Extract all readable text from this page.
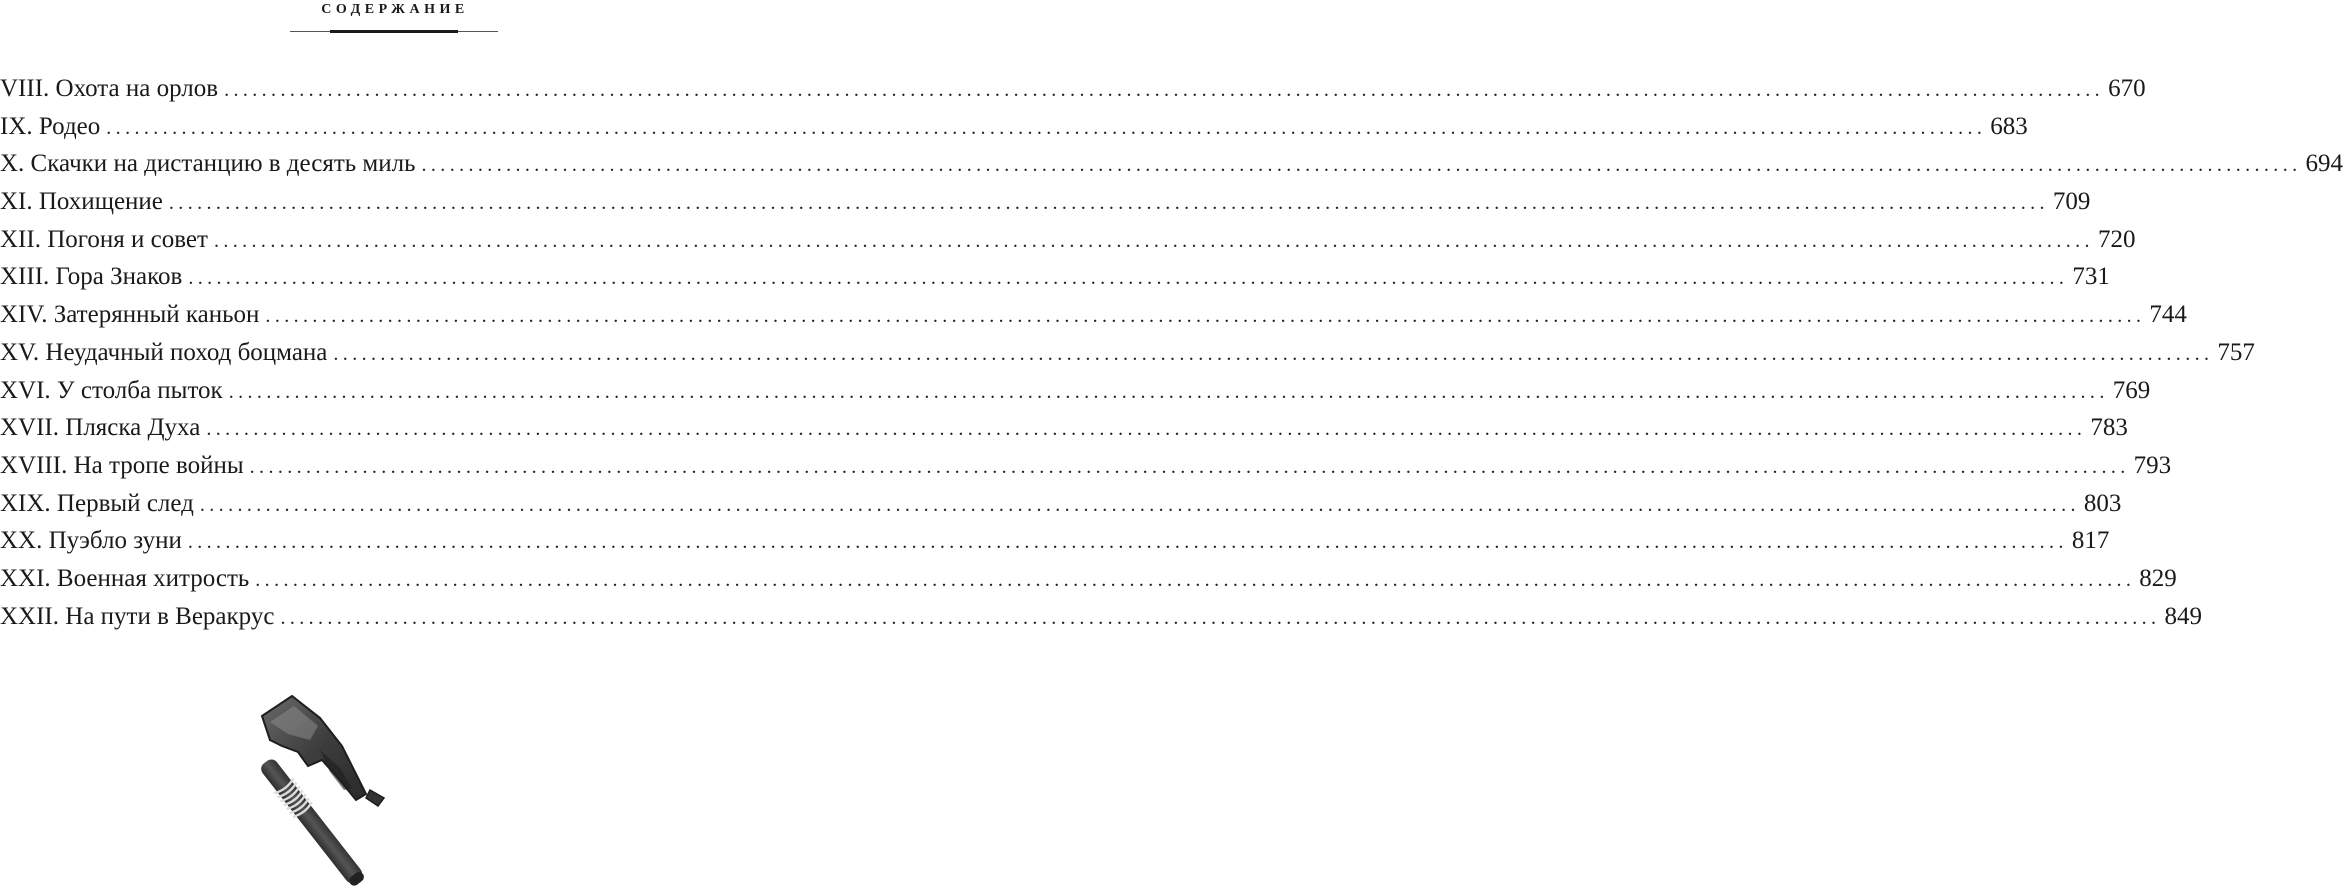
СОДЕРЖАНИЕ
VIII. Охота на орлов ........................................................................................................................................................................................................ 670
IX. Родео ........................................................................................................................................................................................................ 683
X. Скачки на дистанцию в десять миль ........................................................................................................................................................................................................ 694
XI. Похищение ........................................................................................................................................................................................................ 709
XII. Погоня и совет ........................................................................................................................................................................................................ 720
XIII. Гора Знаков ........................................................................................................................................................................................................ 731
XIV. Затерянный каньон ........................................................................................................................................................................................................ 744
XV. Неудачный поход боцмана ........................................................................................................................................................................................................ 757
XVI. У столба пыток ........................................................................................................................................................................................................ 769
XVII. Пляска Духа ........................................................................................................................................................................................................ 783
XVIII. На тропе войны ........................................................................................................................................................................................................ 793
XIX. Первый след ........................................................................................................................................................................................................ 803
XX. Пуэбло зуни ........................................................................................................................................................................................................ 817
XXI. Военная хитрость ........................................................................................................................................................................................................ 829
XXII. На пути в Веракрус ........................................................................................................................................................................................................ 849
